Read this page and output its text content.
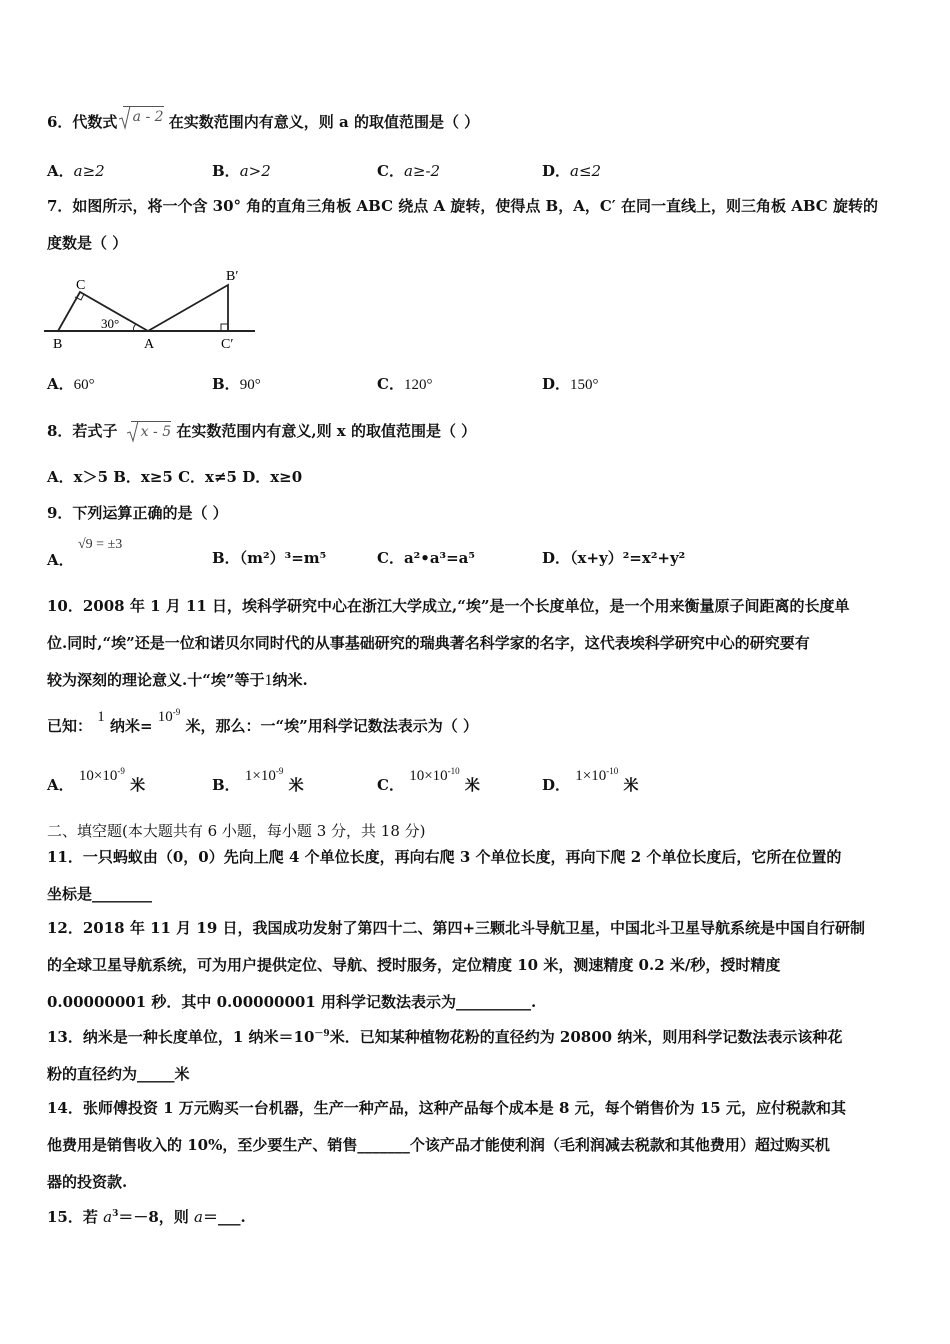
6．代数式 a - 2 在实数范围内有意义，则 a 的取值范围是（ ）
A．a≥2	B．a>2	C．a≥-2	D．a≤2
7．如图所示，将一个含 30° 角的直角三角板 ABC 绕点 A 旋转，使得点 B，A，C′ 在同一直线上，则三角板 ABC 旋转的
度数是（ ）
C
B	A
B′
C′
30°
A．60°	B．90°	C．120°	D．150°
8．若式子 x - 5 在实数范围内有意义,则 x 的取值范围是（ ）
A．x＞5 B．x≥5 C．x≠5 D．x≥0
9．下列运算正确的是（ ）
A．
√9 = ±3
B．（m²）³=m⁵	C．a²•a³=a⁵	D．（x+y）²=x²+y²
10．2008 年 1 月 11 日，埃科学研究中心在浙江大学成立,“埃”是一个长度单位，是一个用来衡量原子间距离的长度单
位.同时,“埃”还是一位和诺贝尔同时代的从事基础研究的瑞典著名科学家的名字，这代表埃科学研究中心的研究要有
较为深刻的理论意义.十“埃”等于1纳米.
已知： 1 纳米= $10^{-9}$ 米，那么：一“埃”用科学记数法表示为（ ）
A． $10\times 10^{-9}$ 米	B． $1\times 10^{-9}$ 米	C． $10\times 10^{-10}$ 米	D． $1\times 10^{-10}$ 米
二、填空题(本大题共有 6 小题，每小题 3 分，共 18 分)
11．一只蚂蚁由（0，0）先向上爬 4 个单位长度，再向右爬 3 个单位长度，再向下爬 2 个单位长度后，它所在位置的
坐标是________
12．2018 年 11 月 19 日，我国成功发射了第四十二、第四+三颗北斗导航卫星，中国北斗卫星导航系统是中国自行研制
的全球卫星导航系统，可为用户提供定位、导航、授时服务，定位精度 10 米，测速精度 0.2 米/秒，授时精度
0.00000001 秒．其中 0.00000001 用科学记数法表示为__________.
13．纳米是一种长度单位，1 纳米$=10^{-9}$米．已知某种植物花粉的直径约为 20800 纳米，则用科学记数法表示该种花
粉的直径约为_____米
14．张师傅投资 1 万元购买一台机器，生产一种产品，这种产品每个成本是 8 元，每个销售价为 15 元，应付税款和其
他费用是销售收入的 10%，至少要生产、销售_______个该产品才能使利润（毛利润减去税款和其他费用）超过购买机
器的投资款.
15．若 $a^3=-8$，则 a＝___.
